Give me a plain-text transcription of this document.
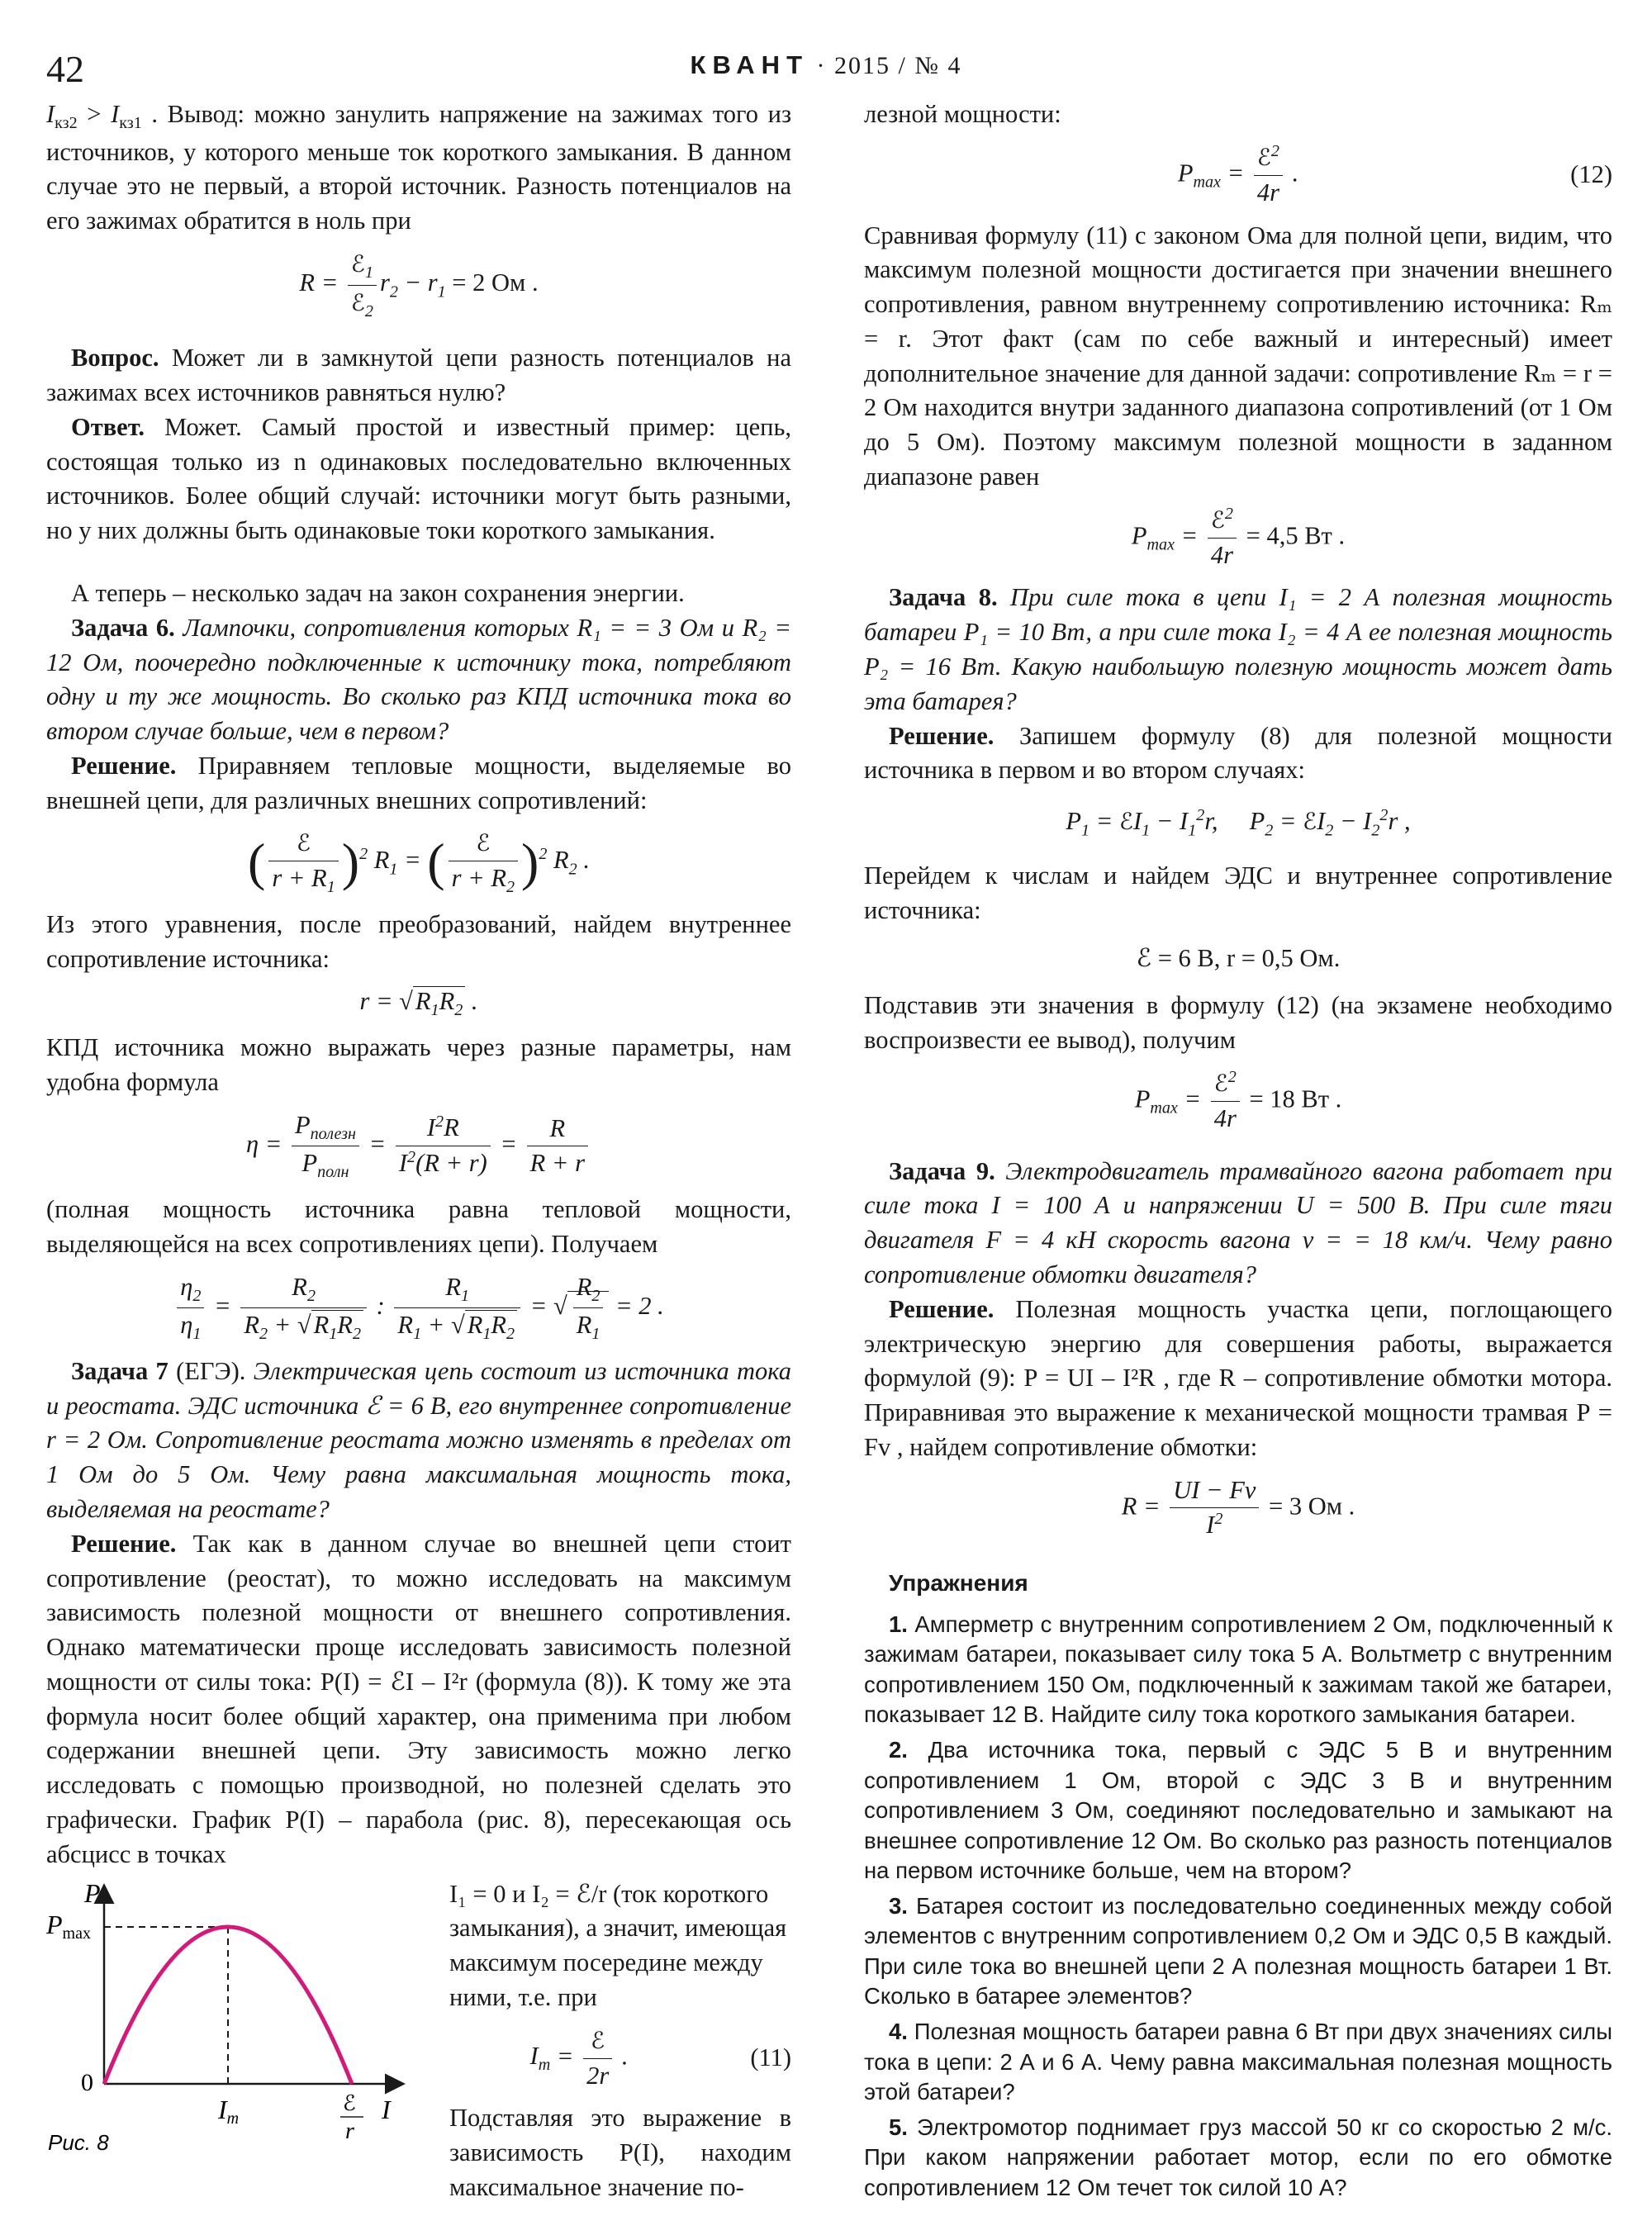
42	КВАНТ · 2015 / № 4

$I_{кз2} > I_{кз1}$ . Вывод: можно занулить напряжение на зажимах того из источников, у которого меньше ток короткого замыкания. В данном случае это не первый, а второй источник. Разность потенциалов на его зажимах обратится в ноль при

$R = \frac{ℰ_1}{ℰ_2} r_2 - r_1 = 2$ Ом .

Вопрос. Может ли в замкнутой цепи разность потенциалов на зажимах всех источников равняться нулю?

Ответ. Может. Самый простой и известный пример: цепь, состоящая только из n одинаковых последовательно включенных источников. Более общий случай: источники могут быть разными, но у них должны быть одинаковые токи короткого замыкания.

А теперь – несколько задач на закон сохранения энергии.

Задача 6. Лампочки, сопротивления которых R₁ = = 3 Ом и R₂ = 12 Ом, поочередно подключенные к источнику тока, потребляют одну и ту же мощность. Во сколько раз КПД источника тока во втором случае больше, чем в первом?

Решение. Приравняем тепловые мощности, выделяемые во внешней цепи, для различных внешних сопротивлений:

( $\frac{\text{ℰ}}{r + R_1} )^2$ $R_1$ = ( $\frac{\text{ℰ}}{r + R_2} )^2$ $R_2$ .

Из этого уравнения, после преобразований, найдем внутреннее сопротивление источника:

$r = √R_1R_2$ .

КПД источника можно выражать через разные параметры, нам удобна формула

$\eta = \frac{P_{полезн}}{P_{полн}} = \frac{I^2R}{I^2(R + r)} = \frac{R}{R + r}$

(полная мощность источника равна тепловой мощности, выделяющейся на всех сопротивлениях цепи). Получаем

$\frac{\eta_2}{\eta_1} = \frac{R_2}{R_2 + √R_1R_2}$ : $\frac{R_1}{R_1 + √R_1R_2}$ = √ $\frac{R_2}{R_1} = 2$ .

Задача 7 (ЕГЭ). Электрическая цепь состоит из источника тока и реостата. ЭДС источника ℰ = 6 В, его внутреннее сопротивление r = 2 Ом. Сопротивление реостата можно изменять в пределах от 1 Ом до 5 Ом. Чему равна максимальная мощность тока, выделяемая на реостате?

Решение. Так как в данном случае во внешней цепи стоит сопротивление (реостат), то можно исследовать на максимум зависимость полезной мощности от внешнего сопротивления. Однако математически проще исследовать зависимость полезной мощности от силы тока: P(I) = ℰI – I²r (формула (8)). К тому же эта формула носит более общий характер, она применима при любом содержании внешней цепи. Эту зависимость можно легко исследовать с помощью производной, но полезней сделать это графически. График P(I) – парабола (рис. 8), пересекающая ось абсцисс в точках

P
Pmax
0
Im
ℰ
r
I
Рис. 8

I₁ = 0 и I₂ = ℰ/r (ток короткого замыкания), а значит, имеющая максимум посередине между ними, т.е. при

$I_m = \frac{\text{ℰ}}{2r}$ .	(11)

Подставляя это выражение в зависимость P(I), находим максимальное значение по-

лезной мощности:

$P_{max} = \frac{ℰ^2}{4r}$ .	(12)

Сравнивая формулу (11) с законом Ома для полной цепи, видим, что максимум полезной мощности достигается при значении внешнего сопротивления, равном внутреннему сопротивлению источника: Rₘ = r. Этот факт (сам по себе важный и интересный) имеет дополнительное значение для данной задачи: сопротивление Rₘ = r = 2 Ом находится внутри заданного диапазона сопротивлений (от 1 Ом до 5 Ом). Поэтому максимум полезной мощности в заданном диапазоне равен

$P_{max} = \frac{ℰ^2}{4r} = 4,5$ Вт .

Задача 8. При силе тока в цепи I₁ = 2 А полезная мощность батареи P₁ = 10 Вт, а при силе тока I₂ = 4 А ее полезная мощность P₂ = 16 Вт. Какую наибольшую полезную мощность может дать эта батарея?

Решение. Запишем формулу (8) для полезной мощности источника в первом и во втором случаях:

$P_1$ = ℰI$_1$ − $I_1^2r$,     $P_2$ = ℰI$_2$ − $I_2^2r$ ,

Перейдем к числам и найдем ЭДС и внутреннее сопротивление источника:

ℰ = 6 В, r = 0,5 Ом.

Подставив эти значения в формулу (12) (на экзамене необходимо воспроизвести ее вывод), получим

$P_{max} = \frac{ℰ^2}{4r} = 18$ Вт .

Задача 9. Электродвигатель трамвайного вагона работает при силе тока I = 100 А и напряжении U = 500 В. При силе тяги двигателя F = 4 кН скорость вагона v = = 18 км/ч. Чему равно сопротивление обмотки двигателя?

Решение. Полезная мощность участка цепи, поглощающего электрическую энергию для совершения работы, выражается формулой (9): P = UI – I²R , где R – сопротивление обмотки мотора. Приравнивая это выражение к механической мощности трамвая P = Fv , найдем сопротивление обмотки:

$R = \frac{UI - Fv}{I^2} = 3$ Ом .
Упражнения

1. Амперметр с внутренним сопротивлением 2 Ом, подключенный к зажимам батареи, показывает силу тока 5 А. Вольтметр с внутренним сопротивлением 150 Ом, подключенный к зажимам такой же батареи, показывает 12 В. Найдите силу тока короткого замыкания батареи.

2. Два источника тока, первый с ЭДС 5 В и внутренним сопротивлением 1 Ом, второй с ЭДС 3 В и внутренним сопротивлением 3 Ом, соединяют последовательно и замыкают на внешнее сопротивление 12 Ом. Во сколько раз разность потенциалов на первом источнике больше, чем на втором?

3. Батарея состоит из последовательно соединенных между собой элементов с внутренним сопротивлением 0,2 Ом и ЭДС 0,5 В каждый. При силе тока во внешней цепи 2 А полезная мощность батареи 1 Вт. Сколько в батарее элементов?

4. Полезная мощность батареи равна 6 Вт при двух значениях силы тока в цепи: 2 А и 6 А. Чему равна максимальная полезная мощность этой батареи?

5. Электромотор поднимает груз массой 50 кг со скоростью 2 м/с. При каком напряжении работает мотор, если по его обмотке сопротивлением 12 Ом течет ток силой 10 А?
